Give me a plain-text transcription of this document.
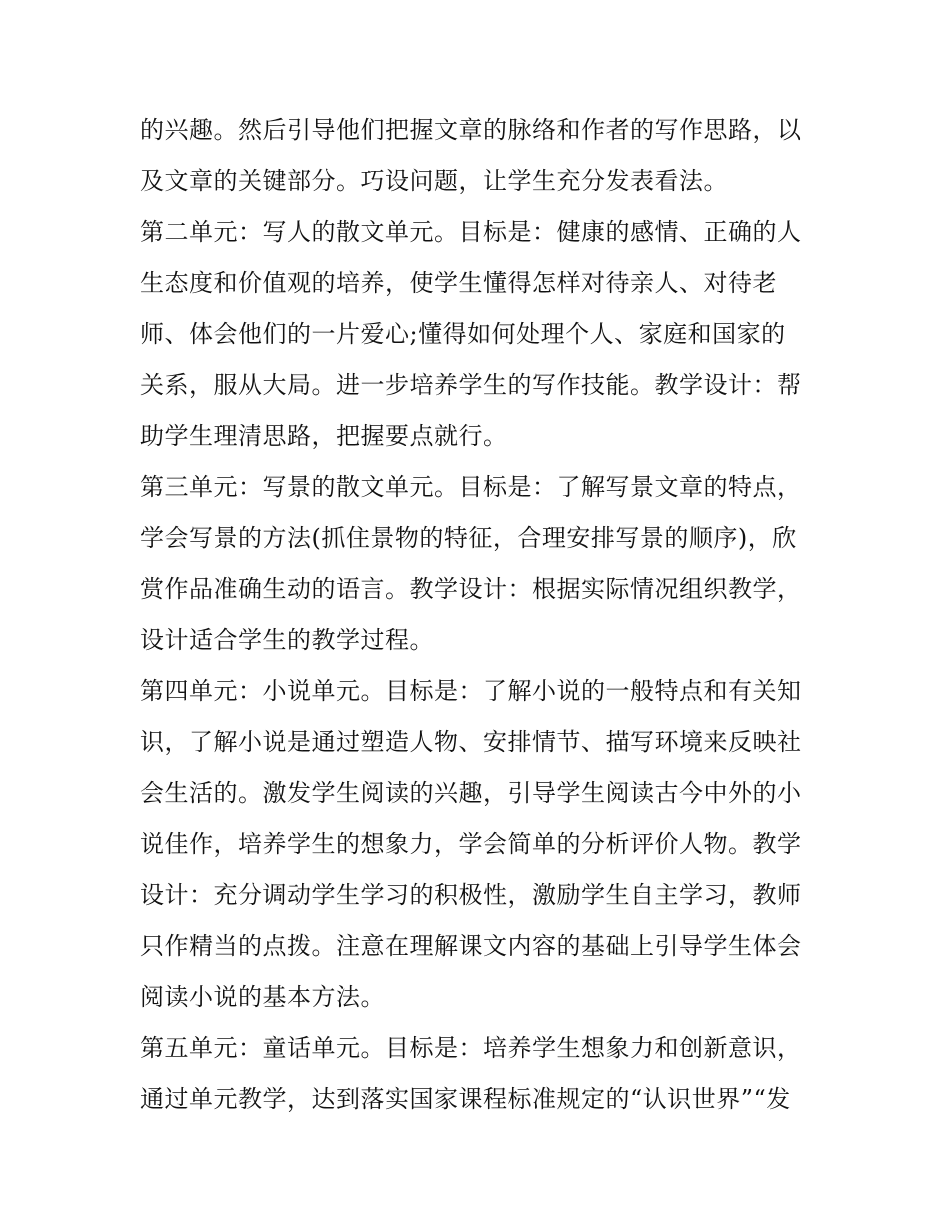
的兴趣。然后引导他们把握文章的脉络和作者的写作思路，以
及文章的关键部分。巧设问题，让学生充分发表看法。
第二单元：写人的散文单元。目标是：健康的感情、正确的人
生态度和价值观的培养，使学生懂得怎样对待亲人、对待老
师、体会他们的一片爱心;懂得如何处理个人、家庭和国家的
关系，服从大局。进一步培养学生的写作技能。教学设计：帮
助学生理清思路，把握要点就行。
第三单元：写景的散文单元。目标是：了解写景文章的特点，
学会写景的方法(抓住景物的特征，合理安排写景的顺序)，欣
赏作品准确生动的语言。教学设计：根据实际情况组织教学，
设计适合学生的教学过程。
第四单元：小说单元。目标是：了解小说的一般特点和有关知
识，了解小说是通过塑造人物、安排情节、描写环境来反映社
会生活的。激发学生阅读的兴趣，引导学生阅读古今中外的小
说佳作，培养学生的想象力，学会简单的分析评价人物。教学
设计：充分调动学生学习的积极性，激励学生自主学习，教师
只作精当的点拨。注意在理解课文内容的基础上引导学生体会
阅读小说的基本方法。
第五单元：童话单元。目标是：培养学生想象力和创新意识，
通过单元教学，达到落实国家课程标准规定的“认识世界”“发
